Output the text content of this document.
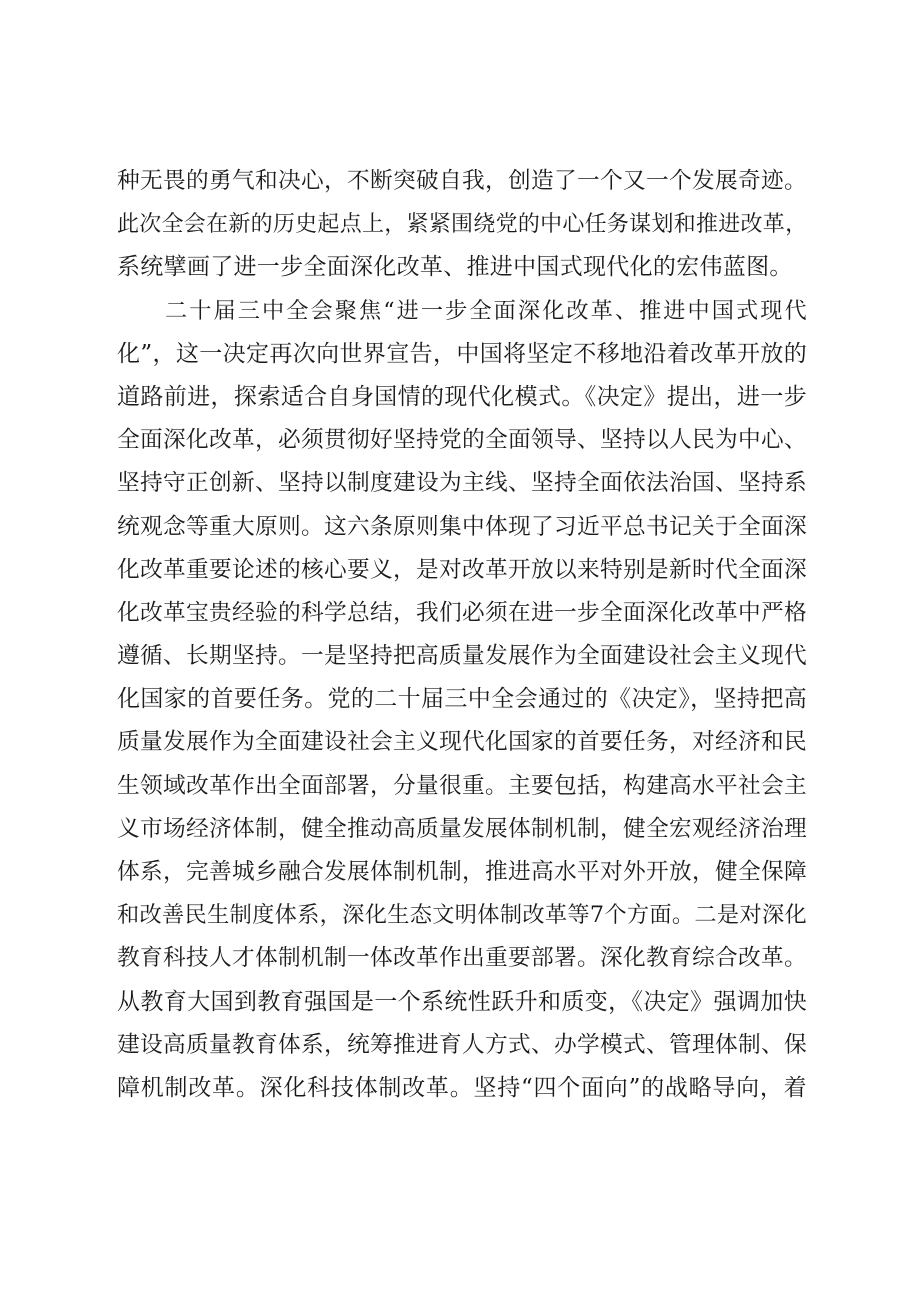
种无畏的勇气和决心，不断突破自我，创造了一个又一个发展奇迹。
此次全会在新的历史起点上，紧紧围绕党的中心任务谋划和推进改革，
系统擘画了进一步全面深化改革、推进中国式现代化的宏伟蓝图。
二十届三中全会聚焦“进一步全面深化改革、推进中国式现代
化”，这一决定再次向世界宣告，中国将坚定不移地沿着改革开放的
道路前进，探索适合自身国情的现代化模式。《决定》提出，进一步
全面深化改革，必须贯彻好坚持党的全面领导、坚持以人民为中心、
坚持守正创新、坚持以制度建设为主线、坚持全面依法治国、坚持系
统观念等重大原则。这六条原则集中体现了习近平总书记关于全面深
化改革重要论述的核心要义，是对改革开放以来特别是新时代全面深
化改革宝贵经验的科学总结，我们必须在进一步全面深化改革中严格
遵循、长期坚持。一是坚持把高质量发展作为全面建设社会主义现代
化国家的首要任务。党的二十届三中全会通过的《决定》，坚持把高
质量发展作为全面建设社会主义现代化国家的首要任务，对经济和民
生领域改革作出全面部署，分量很重。主要包括，构建高水平社会主
义市场经济体制，健全推动高质量发展体制机制，健全宏观经济治理
体系，完善城乡融合发展体制机制，推进高水平对外开放，健全保障
和改善民生制度体系，深化生态文明体制改革等7个方面。二是对深化
教育科技人才体制机制一体改革作出重要部署。深化教育综合改革。
从教育大国到教育强国是一个系统性跃升和质变，《决定》强调加快
建设高质量教育体系，统筹推进育人方式、办学模式、管理体制、保
障机制改革。深化科技体制改革。坚持“四个面向”的战略导向，着
